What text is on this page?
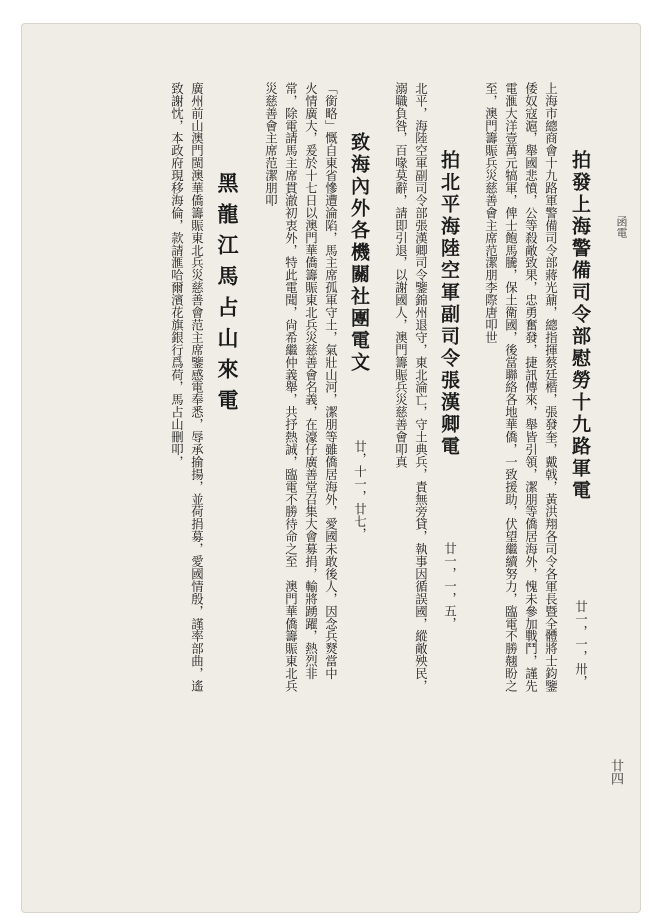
函電
廿四
拍發上海警備司令部慰勞十九路軍電
廿一，一，卅，
上海市總商會十九路軍警備司令部蔣光鼐，總指揮蔡廷楷，張發奎，戴戟，黃洪翔各司令各軍長暨全體將士鈞鑒
倭奴寇滬，舉國悲憤，公等殺敵致果，忠勇奮發，捷訊傳來，舉皆引領，潔朋等僑居海外，愧未參加戰鬥，謹先
電滙大洋壹萬元犒軍，俾士飽馬騰，保土衛國，後當聯絡各地華僑，一致援助，伏望繼續努力，臨電不勝翹盼之
至，澳門籌賑兵災慈善會主席范潔朋李際唐叩世
拍北平海陸空軍副司令張漢卿電
廿一，一，五，
北平，海陸空軍副司令部張漢卿司令鑒錦州退守，東北淪亡，守土典兵，責無旁貸，執事因循誤國，縱敵殃民，
溺職負咎，百喙莫辭，請即引退，以謝國人，澳門籌賑兵災慈善會叩真
致海內外各機關社團電文
廿，十一，廿七，
「銜略」慨自東省慘遭淪陷，馬主席孤軍守土，氣壯山河，潔朋等雖僑居海外，愛國未敢後人，因念兵燹當中
火情廣大，爰於十七日以澳門華僑籌賑東北兵災慈善會名義，在濠仔廣善堂召集大會募捐，輸將踴躍，熱烈非
常，除電請馬主席貫澈初衷外，特此電聞，尙希繼仲義舉，共抒熱誠，臨電不勝待命之至　澳門華僑籌賑東北兵
災慈善會主席范潔朋叩
黑龍江馬占山來電
廣州前山澳門閩澳華僑籌賑東北兵災慈善會范主席鑒感電奉悉，辱承揄揚，並荷捐募，愛國情殷，謹率部曲，遙
致謝忱，本政府現移海倫，款請滙哈爾濱花旗銀行爲荷，馬占山刪叩，
